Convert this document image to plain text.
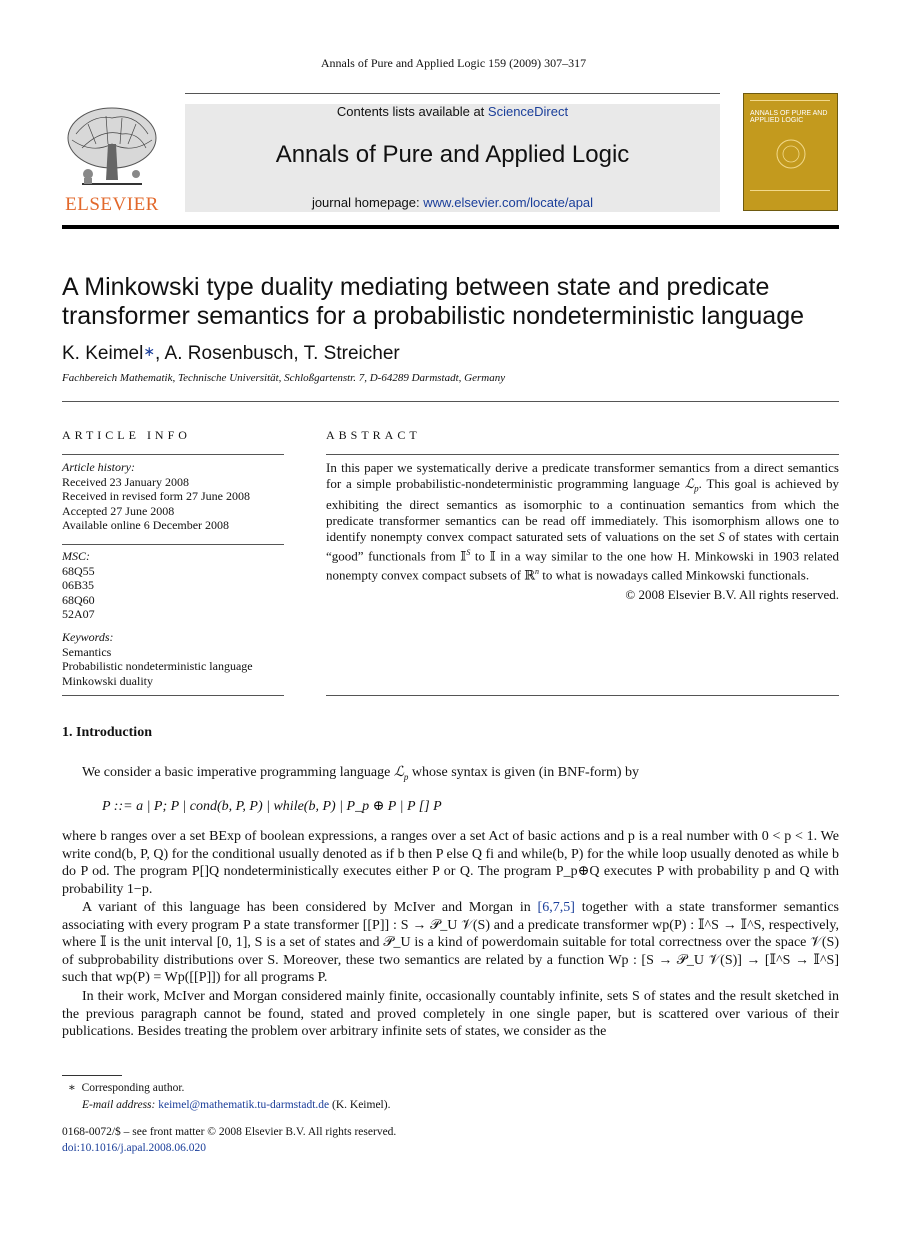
Annals of Pure and Applied Logic 159 (2009) 307–317
ELSEVIER
Contents lists available at ScienceDirect
Annals of Pure and Applied Logic
journal homepage: www.elsevier.com/locate/apal
ANNALS OF PURE AND APPLIED LOGIC
A Minkowski type duality mediating between state and predicate
transformer semantics for a probabilistic nondeterministic language
K. Keimel∗, A. Rosenbusch, T. Streicher
Fachbereich Mathematik, Technische Universität, Schloßgartenstr. 7, D-64289 Darmstadt, Germany
ARTICLE INFO
Article history:
Received 23 January 2008
Received in revised form 27 June 2008
Accepted 27 June 2008
Available online 6 December 2008
MSC:
68Q55
06B35
68Q60
52A07
Keywords:
Semantics
Probabilistic nondeterministic language
Minkowski duality
ABSTRACT
In this paper we systematically derive a predicate transformer semantics from a direct semantics for a simple probabilistic-nondeterministic programming language ℒ$_p$. This goal is achieved by exhibiting the direct semantics as isomorphic to a continuation semantics from which the predicate transformer semantics can be read off immediately. This isomorphism allows one to identify nonempty convex compact saturated sets of valuations on the set S of states with certain “good” functionals from 𝕀$^S$ to 𝕀 in a way similar to the one how H. Minkowski in 1903 related nonempty convex compact subsets of ℝ$^n$ to what is nowadays called Minkowski functionals.
© 2008 Elsevier B.V. All rights reserved.
1. Introduction
We consider a basic imperative programming language ℒ$_p$ whose syntax is given (in BNF-form) by
P ::= a | P; P | cond(b, P, P) | while(b, P) | P_p ⊕ P | P [] P
where b ranges over a set BExp of boolean expressions, a ranges over a set Act of basic actions and p is a real number with 0 < p < 1. We write cond(b, P, Q) for the conditional usually denoted as if b then P else Q fi and while(b, P) for the while loop usually denoted as while b do P od. The program P[]Q nondeterministically executes either P or Q. The program P_p⊕Q executes P with probability p and Q with probability 1−p.
A variant of this language has been considered by McIver and Morgan in [6,7,5] together with a state transformer semantics associating with every program P a state transformer [[P]] : S → 𝒫_U 𝒱(S) and a predicate transformer wp(P) : 𝕀^S → 𝕀^S, respectively, where 𝕀 is the unit interval [0, 1], S is a set of states and 𝒫_U is a kind of powerdomain suitable for total correctness over the space 𝒱(S) of subprobability distributions over S. Moreover, these two semantics are related by a function Wp : [S → 𝒫_U 𝒱(S)] → [𝕀^S → 𝕀^S] such that wp(P) = Wp([[P]]) for all programs P.
In their work, McIver and Morgan considered mainly finite, occasionally countably infinite, sets S of states and the result sketched in the previous paragraph cannot be found, stated and proved completely in one single paper, but is scattered over various of their publications. Besides treating the problem over arbitrary infinite sets of states, we consider as the
∗ Corresponding author.
E-mail address: keimel@mathematik.tu-darmstadt.de (K. Keimel).
0168-0072/$ – see front matter © 2008 Elsevier B.V. All rights reserved.
doi:10.1016/j.apal.2008.06.020
